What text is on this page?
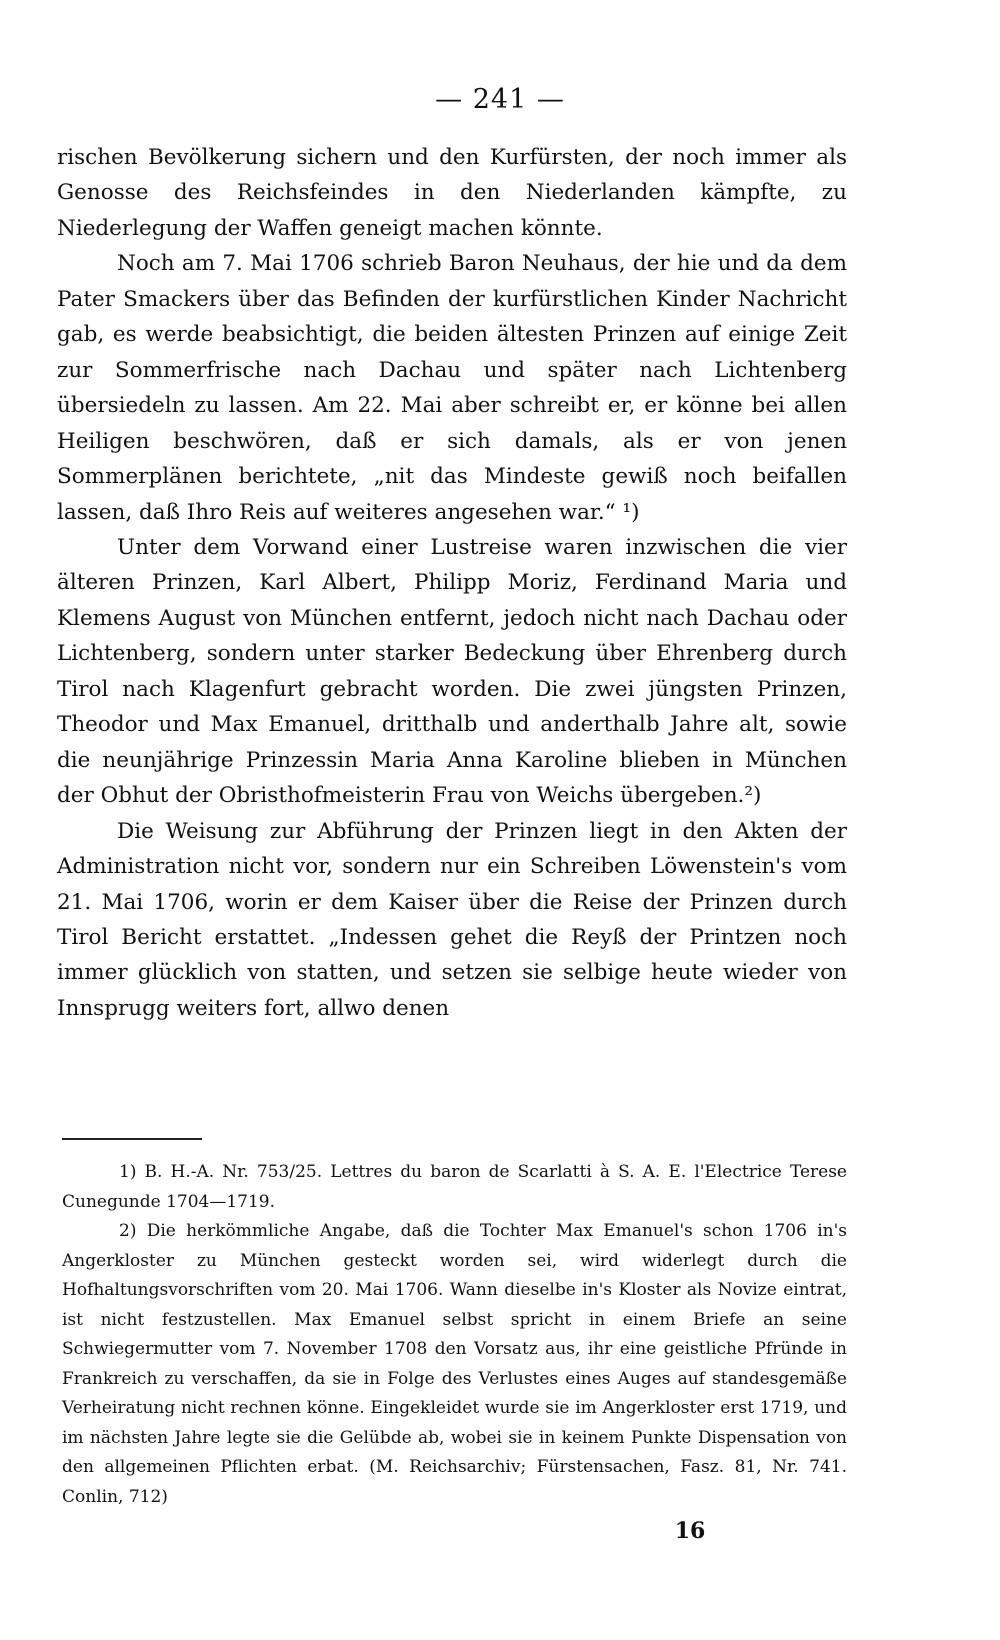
— 241 —

rischen Bevölkerung sichern und den Kurfürsten, der noch immer als Genosse des Reichsfeindes in den Niederlanden kämpfte, zu Niederlegung der Waffen geneigt machen könnte.

Noch am 7. Mai 1706 schrieb Baron Neuhaus, der hie und da dem Pater Smackers über das Befinden der kurfürstlichen Kinder Nachricht gab, es werde beabsichtigt, die beiden ältesten Prinzen auf einige Zeit zur Sommerfrische nach Dachau und später nach Lichtenberg übersiedeln zu lassen. Am 22. Mai aber schreibt er, er könne bei allen Heiligen beschwören, daß er sich damals, als er von jenen Sommerplänen berichtete, „nit das Mindeste gewiß noch beifallen lassen, daß Ihro Reis auf weiteres angesehen war.“ ¹)

Unter dem Vorwand einer Lustreise waren inzwischen die vier älteren Prinzen, Karl Albert, Philipp Moriz, Ferdinand Maria und Klemens August von München entfernt, jedoch nicht nach Dachau oder Lichtenberg, sondern unter starker Bedeckung über Ehrenberg durch Tirol nach Klagenfurt gebracht worden. Die zwei jüngsten Prinzen, Theodor und Max Emanuel, dritthalb und anderthalb Jahre alt, sowie die neunjährige Prinzessin Maria Anna Karoline blieben in München der Obhut der Obristhofmeisterin Frau von Weichs übergeben.²)

Die Weisung zur Abführung der Prinzen liegt in den Akten der Administration nicht vor, sondern nur ein Schreiben Löwenstein's vom 21. Mai 1706, worin er dem Kaiser über die Reise der Prinzen durch Tirol Bericht erstattet. „Indessen gehet die Reyß der Printzen noch immer glücklich von statten, und setzen sie selbige heute wieder von Innsprugg weiters fort, allwo denen

1) B. H.-A. Nr. 753/25. Lettres du baron de Scarlatti à S. A. E. l'Electrice Terese Cunegunde 1704—1719.

2) Die herkömmliche Angabe, daß die Tochter Max Emanuel's schon 1706 in's Angerkloster zu München gesteckt worden sei, wird widerlegt durch die Hofhaltungsvorschriften vom 20. Mai 1706. Wann dieselbe in's Kloster als Novize eintrat, ist nicht festzustellen. Max Emanuel selbst spricht in einem Briefe an seine Schwiegermutter vom 7. November 1708 den Vorsatz aus, ihr eine geistliche Pfründe in Frankreich zu verschaffen, da sie in Folge des Verlustes eines Auges auf standesgemäße Verheiratung nicht rechnen könne. Eingekleidet wurde sie im Angerkloster erst 1719, und im nächsten Jahre legte sie die Gelübde ab, wobei sie in keinem Punkte Dispensation von den allgemeinen Pflichten erbat. (M. Reichsarchiv; Fürstensachen, Fasz. 81, Nr. 741. Conlin, 712)

16
